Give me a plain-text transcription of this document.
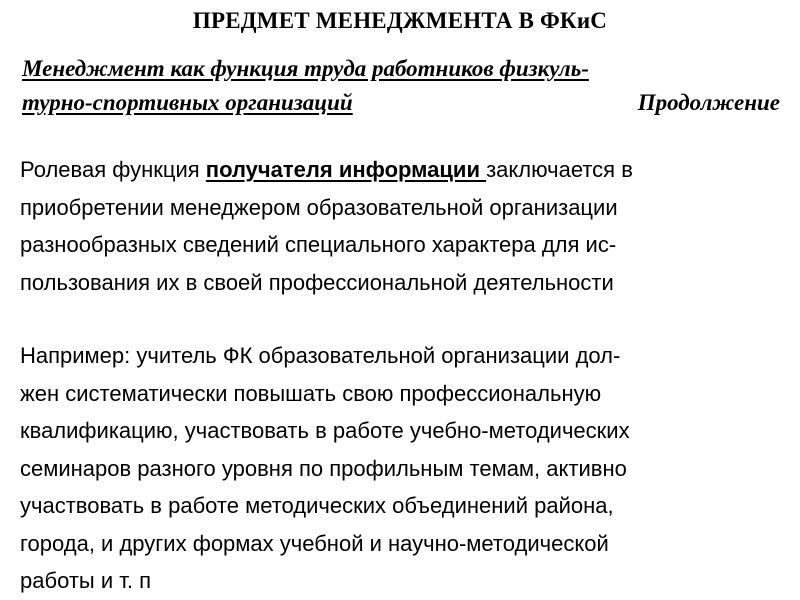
ПРЕДМЕТ МЕНЕДЖМЕНТА В ФКиС
Менеджмент как функция труда работников физкуль-
турно-спортивных организаций	Продолжение
Ролевая функция получателя информации заключается в
приобретении менеджером образовательной организации
разнообразных сведений специального характера для ис-
пользования их в своей профессиональной деятельности
Например: учитель ФК образовательной организации дол-
жен систематически повышать свою профессиональную
квалификацию, участвовать в работе учебно-методических
семинаров разного уровня по профильным темам, активно
участвовать в работе методических объединений района,
города, и других формах учебной и научно-методической
работы и т. п
